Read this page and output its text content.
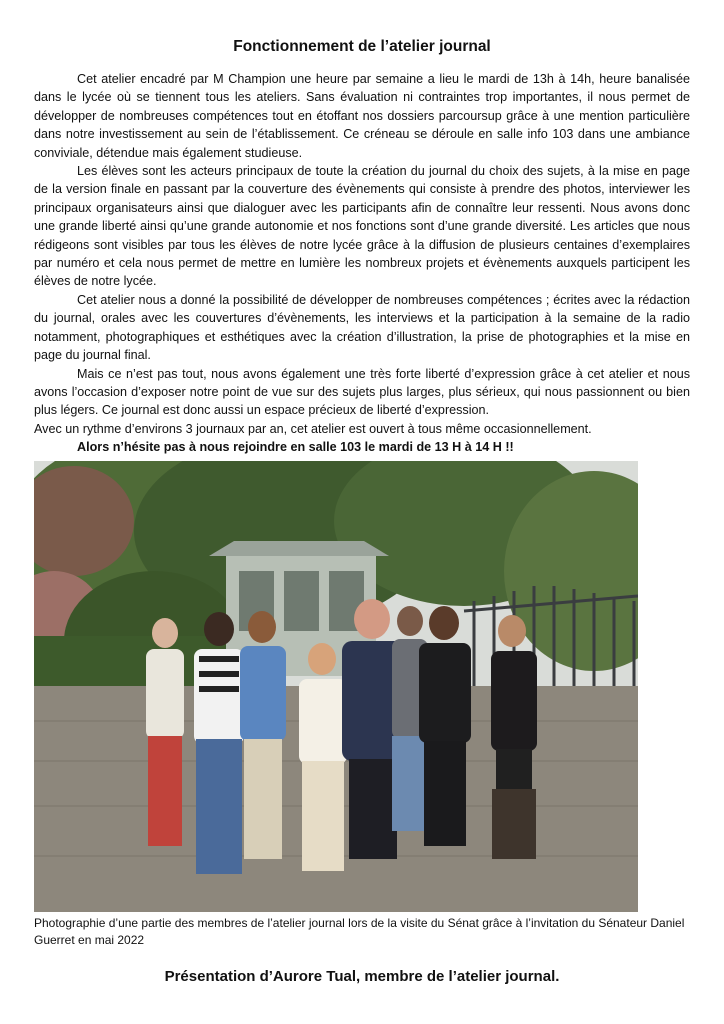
Fonctionnement de l’atelier journal

Cet atelier encadré par M Champion une heure par semaine a lieu le mardi de 13h à 14h, heure banalisée dans le lycée où se tiennent tous les ateliers. Sans évaluation ni contraintes trop importantes, il nous permet de développer de nombreuses compétences tout en étoffant nos dossiers parcoursup grâce à une mention particulière dans notre investissement au sein de l’établissement. Ce créneau se déroule en salle info 103 dans une ambiance conviviale, détendue mais également studieuse.

Les élèves sont les acteurs principaux de toute la création du journal du choix des sujets, à la mise en page de la version finale en passant par la couverture des évènements qui consiste à prendre des photos, interviewer les principaux organisateurs ainsi que dialoguer avec les participants afin de connaître leur ressenti. Nous avons donc une grande liberté ainsi qu’une grande autonomie et nos fonctions sont d’une grande diversité. Les articles que nous rédigeons sont visibles par tous les élèves de notre lycée grâce à la diffusion de plusieurs centaines d’exemplaires par numéro et cela nous permet de mettre en lumière les nombreux projets et évènements auxquels participent les élèves de notre lycée.

Cet atelier nous a donné la possibilité de développer de nombreuses compétences ; écrites avec la rédaction du journal, orales avec les couvertures d’évènements, les interviews et la participation à la semaine de la radio notamment, photographiques et esthétiques avec la création d’illustration, la prise de photographies et la mise en page du journal final.

Mais ce n’est pas tout, nous avons également une très forte liberté d’expression grâce à cet atelier et nous avons l’occasion d’exposer notre point de vue sur des sujets plus larges, plus sérieux, qui nous passionnent ou bien plus légers. Ce journal est donc aussi un espace précieux de liberté d’expression.

Avec un rythme d’environs 3 journaux par an, cet atelier est ouvert à tous même occasionnellement.

Alors n’hésite pas à nous rejoindre en salle 103 le mardi de 13 H à 14 H !!

Photographie d’une partie des membres de l’atelier journal lors de la visite du Sénat grâce à l’invitation du Sénateur Daniel Guerret en mai 2022
Présentation d’Aurore Tual, membre de l’atelier journal.
